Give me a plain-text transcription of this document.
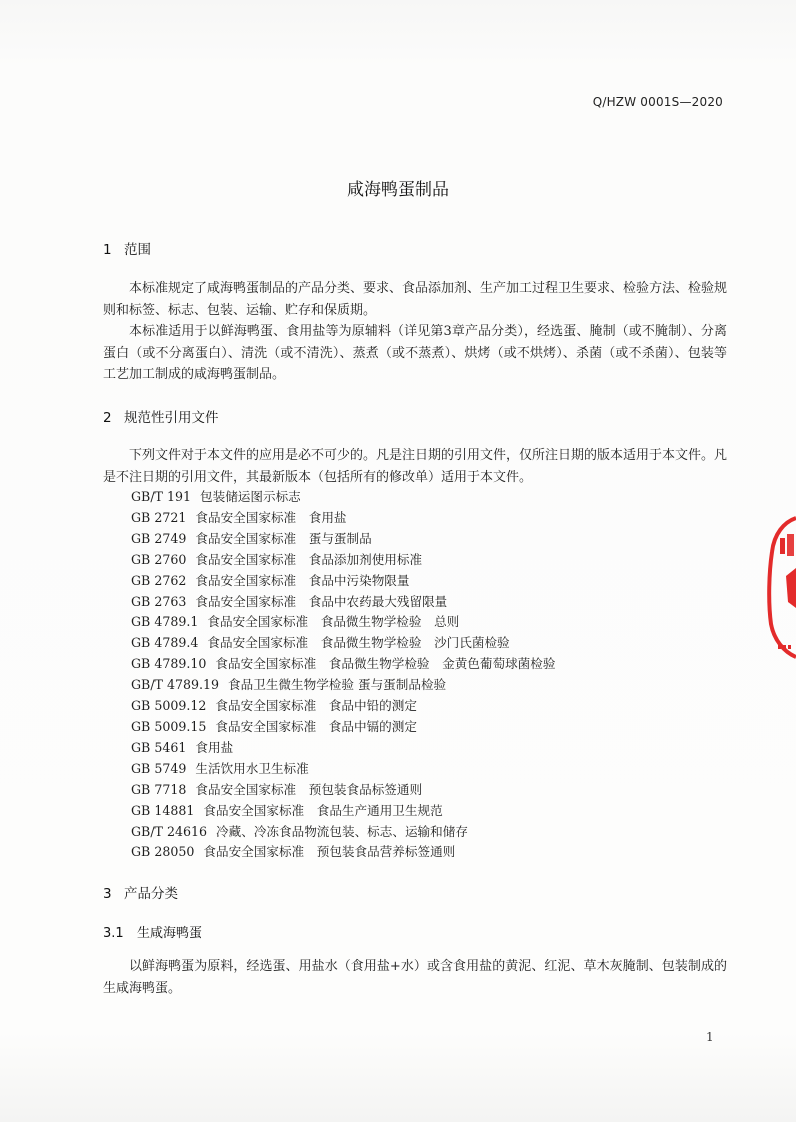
Q/HZW 0001S—2020
咸海鸭蛋制品
1 范围

本标准规定了咸海鸭蛋制品的产品分类、要求、食品添加剂、生产加工过程卫生要求、检验方法、检验规则和标签、标志、包装、运输、贮存和保质期。

本标准适用于以鲜海鸭蛋、食用盐等为原辅料（详见第3章产品分类），经选蛋、腌制（或不腌制）、分离蛋白（或不分离蛋白）、清洗（或不清洗）、蒸煮（或不蒸煮）、烘烤（或不烘烤）、杀菌（或不杀菌）、包装等工艺加工制成的咸海鸭蛋制品。

2 规范性引用文件

下列文件对于本文件的应用是必不可少的。凡是注日期的引用文件，仅所注日期的版本适用于本文件。凡是不注日期的引用文件，其最新版本（包括所有的修改单）适用于本文件。

GB/T 191 包装储运图示标志
GB 2721 食品安全国家标准　食用盐
GB 2749 食品安全国家标准　蛋与蛋制品
GB 2760 食品安全国家标准　食品添加剂使用标准
GB 2762 食品安全国家标准　食品中污染物限量
GB 2763 食品安全国家标准　食品中农药最大残留限量
GB 4789.1 食品安全国家标准　食品微生物学检验　总则
GB 4789.4 食品安全国家标准　食品微生物学检验　沙门氏菌检验
GB 4789.10 食品安全国家标准　食品微生物学检验　金黄色葡萄球菌检验
GB/T 4789.19 食品卫生微生物学检验 蛋与蛋制品检验
GB 5009.12 食品安全国家标准　食品中铅的测定
GB 5009.15 食品安全国家标准　食品中镉的测定
GB 5461 食用盐
GB 5749 生活饮用水卫生标准
GB 7718 食品安全国家标准　预包装食品标签通则
GB 14881 食品安全国家标准　食品生产通用卫生规范
GB/T 24616 冷藏、冷冻食品物流包装、标志、运输和储存
GB 28050 食品安全国家标准　预包装食品营养标签通则
3 产品分类
3.1 生咸海鸭蛋

以鲜海鸭蛋为原料，经选蛋、用盐水（食用盐+水）或含食用盐的黄泥、红泥、草木灰腌制、包装制成的生咸海鸭蛋。

1
